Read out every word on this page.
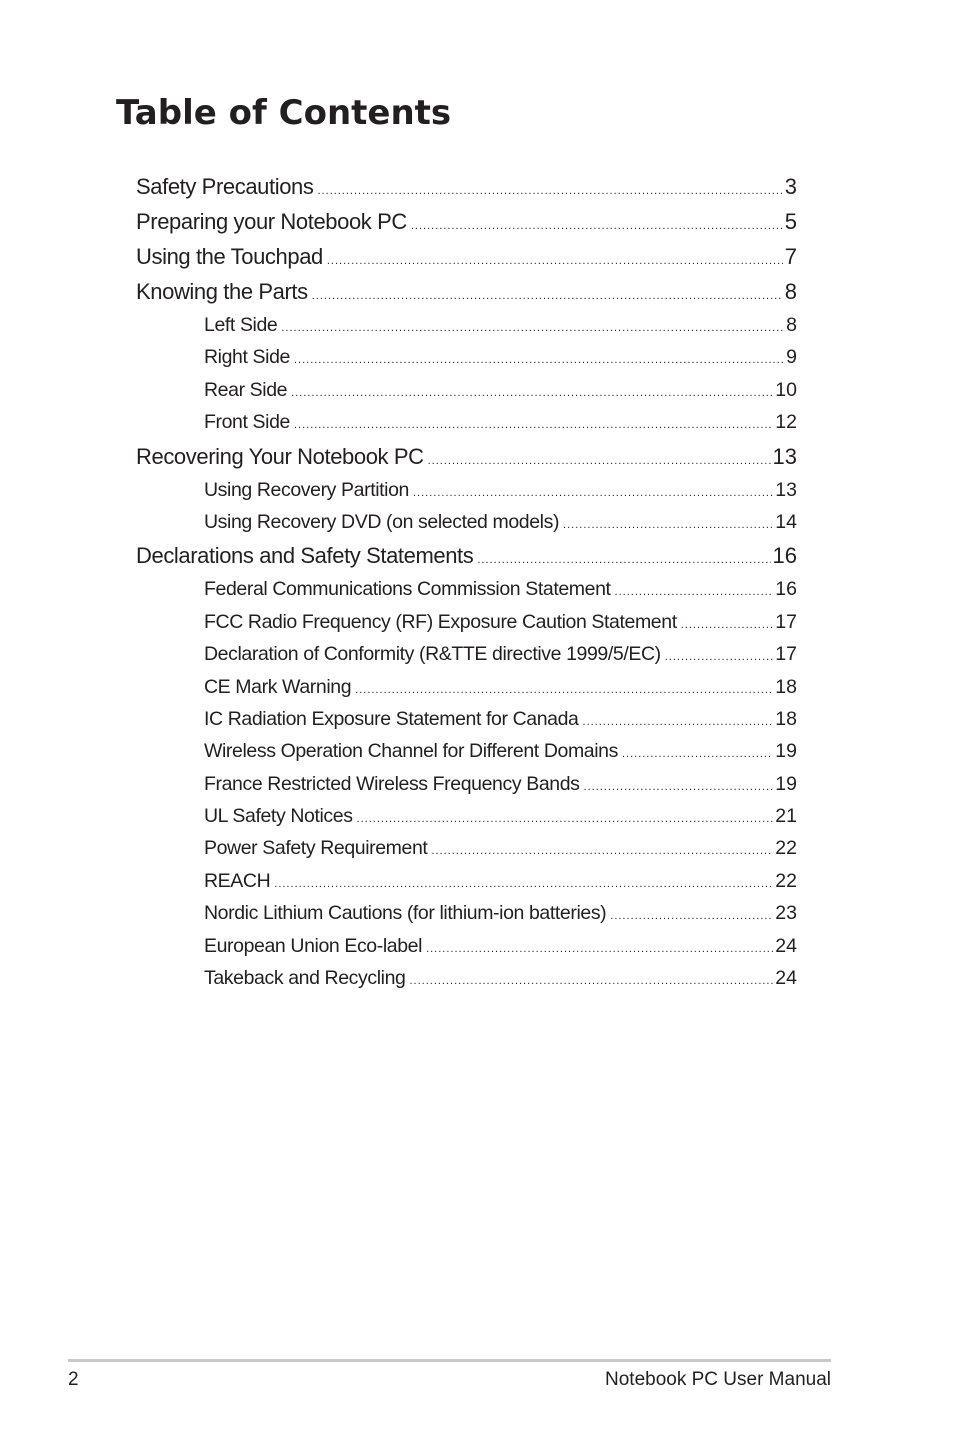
Table of Contents
Safety Precautions .....	3
Preparing your Notebook PC .....	5
Using the Touchpad .....	7
Knowing the Parts .....	8
Left Side .....	8
Right Side .....	9
Rear Side .....	10
Front Side .....	12
Recovering Your Notebook PC .....	13
Using Recovery Partition .....	13
Using Recovery DVD (on selected models) .....	14
Declarations and Safety Statements .....	16
Federal Communications Commission Statement .....	16
FCC Radio Frequency (RF) Exposure Caution Statement .....	17
Declaration of Conformity (R&TTE directive 1999/5/EC) .....	17
CE Mark Warning .....	18
IC Radiation Exposure Statement for Canada .....	18
Wireless Operation Channel for Different Domains .....	19
France Restricted Wireless Frequency Bands .....	19
UL Safety Notices .....	21
Power Safety Requirement .....	22
REACH .....	22
Nordic Lithium Cautions (for lithium-ion batteries) .....	23
European Union Eco-label .....	24
Takeback and Recycling .....	24
2	Notebook PC User Manual
